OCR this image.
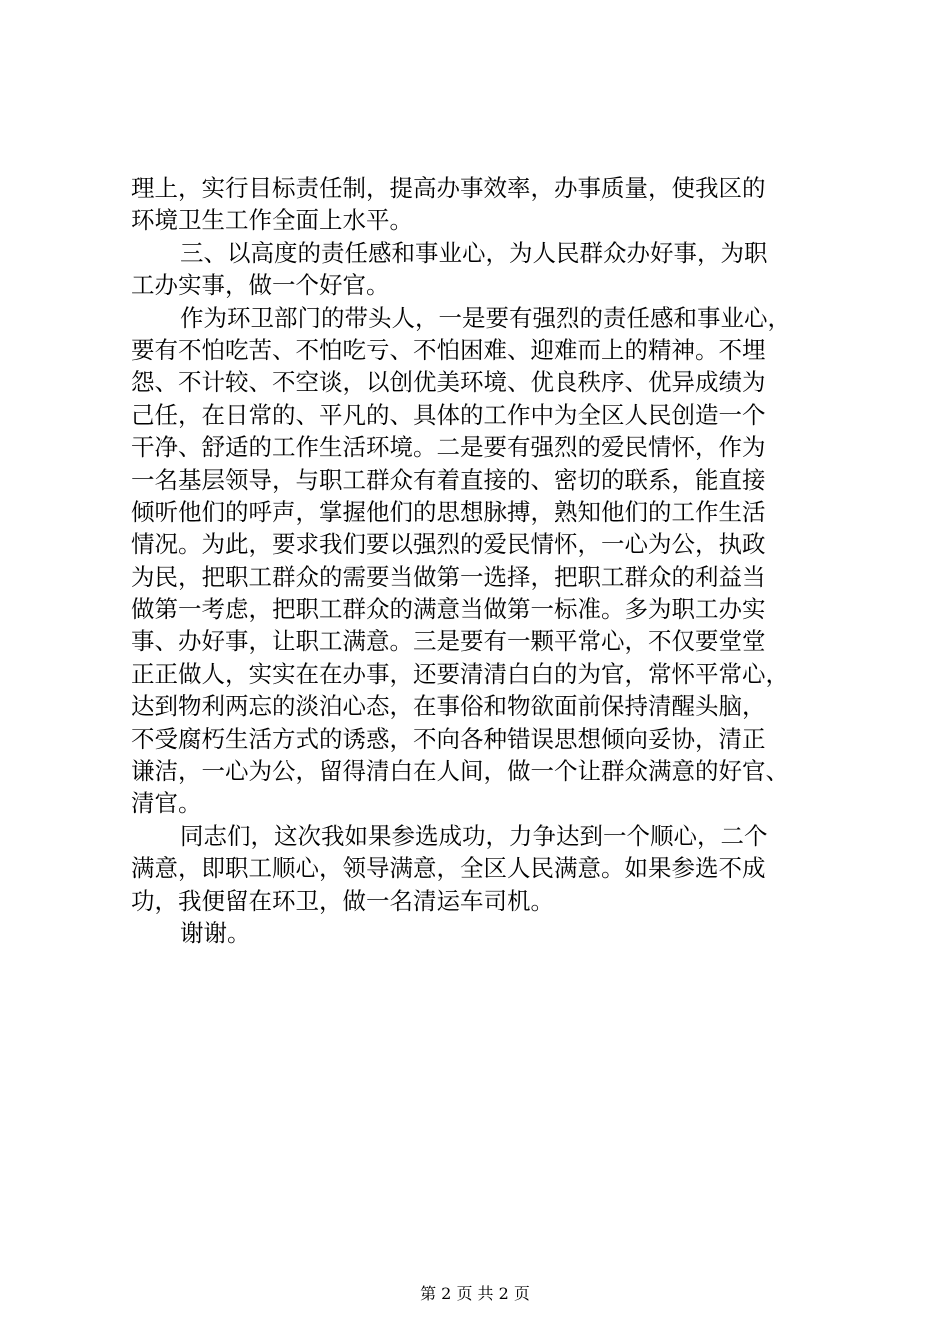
理上，实行目标责任制，提高办事效率，办事质量，使我区的
环境卫生工作全面上水平。
三、以高度的责任感和事业心，为人民群众办好事，为职
工办实事，做一个好官。
作为环卫部门的带头人，一是要有强烈的责任感和事业心，
要有不怕吃苦、不怕吃亏、不怕困难、迎难而上的精神。不埋
怨、不计较、不空谈，以创优美环境、优良秩序、优异成绩为
己任，在日常的、平凡的、具体的工作中为全区人民创造一个
干净、舒适的工作生活环境。二是要有强烈的爱民情怀，作为
一名基层领导，与职工群众有着直接的、密切的联系，能直接
倾听他们的呼声，掌握他们的思想脉搏，熟知他们的工作生活
情况。为此，要求我们要以强烈的爱民情怀，一心为公，执政
为民，把职工群众的需要当做第一选择，把职工群众的利益当
做第一考虑，把职工群众的满意当做第一标准。多为职工办实
事、办好事，让职工满意。三是要有一颗平常心，不仅要堂堂
正正做人，实实在在办事，还要清清白白的为官，常怀平常心，
达到物利两忘的淡泊心态，在事俗和物欲面前保持清醒头脑，
不受腐朽生活方式的诱惑，不向各种错误思想倾向妥协，清正
谦洁，一心为公，留得清白在人间，做一个让群众满意的好官、
清官。
同志们，这次我如果参选成功，力争达到一个顺心，二个
满意，即职工顺心，领导满意，全区人民满意。如果参选不成
功，我便留在环卫，做一名清运车司机。
谢谢。
第 2 页 共 2 页
